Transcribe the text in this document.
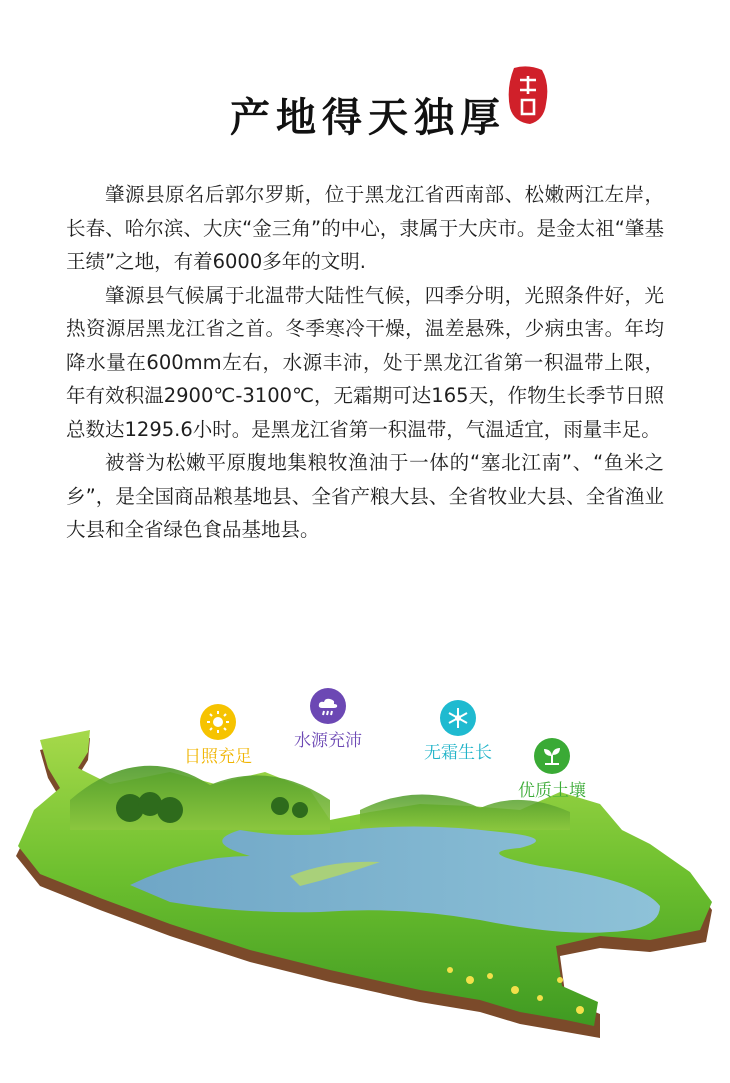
产地得天独厚

肇源县原名后郭尔罗斯，位于黑龙江省西南部、松嫩两江左岸，长春、哈尔滨、大庆“金三角”的中心，隶属于大庆市。是金太祖“肇基王绩”之地，有着6000多年的文明.

肇源县气候属于北温带大陆性气候，四季分明，光照条件好，光热资源居黑龙江省之首。冬季寒冷干燥，温差悬殊，少病虫害。年均降水量在600mm左右，水源丰沛，处于黑龙江省第一积温带上限，年有效积温2900℃-3100℃，无霜期可达165天，作物生长季节日照总数达1295.6小时。是黑龙江省第一积温带，气温适宜，雨量丰足。

被誉为松嫩平原腹地集粮牧渔油于一体的“塞北江南”、“鱼米之乡”，是全国商品粮基地县、全省产粮大县、全省牧业大县、全省渔业大县和全省绿色食品基地县。

日照充足
水源充沛
无霜生长
优质土壤
